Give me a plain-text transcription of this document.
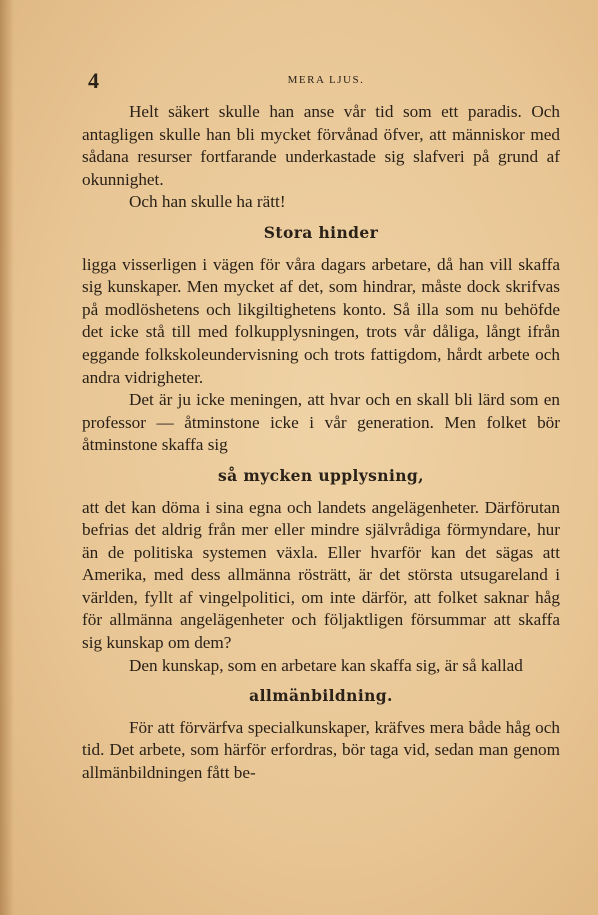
4	MERA LJUS.

Helt säkert skulle han anse vår tid som ett paradis. Och antagligen skulle han bli mycket förvånad öfver, att människor med sådana resurser fortfarande underkastade sig slafveri på grund af okunnighet.

Och han skulle ha rätt!

Stora hinder

ligga visserligen i vägen för våra dagars arbetare, då han vill skaffa sig kunskaper. Men mycket af det, som hindrar, måste dock skrifvas på modlöshetens och likgiltighetens konto. Så illa som nu behöfde det icke stå till med folkupplysningen, trots vår dåliga, långt ifrån eggande folkskoleundervisning och trots fattigdom, hårdt arbete och andra vidrigheter.

Det är ju icke meningen, att hvar och en skall bli lärd som en professor — åtminstone icke i vår generation. Men folket bör åtminstone skaffa sig

så mycken upplysning,

att det kan döma i sina egna och landets angelägenheter. Därförutan befrias det aldrig från mer eller mindre självrådiga förmyndare, hur än de politiska systemen växla. Eller hvarför kan det sägas att Amerika, med dess allmänna rösträtt, är det största utsugareland i världen, fyllt af vingelpolitici, om inte därför, att folket saknar håg för allmänna angelägenheter och följaktligen försummar att skaffa sig kunskap om dem?

Den kunskap, som en arbetare kan skaffa sig, är så kallad

allmänbildning.

För att förvärfva specialkunskaper, kräfves mera både håg och tid. Det arbete, som härför erfordras, bör taga vid, sedan man genom allmänbildningen fått be-
